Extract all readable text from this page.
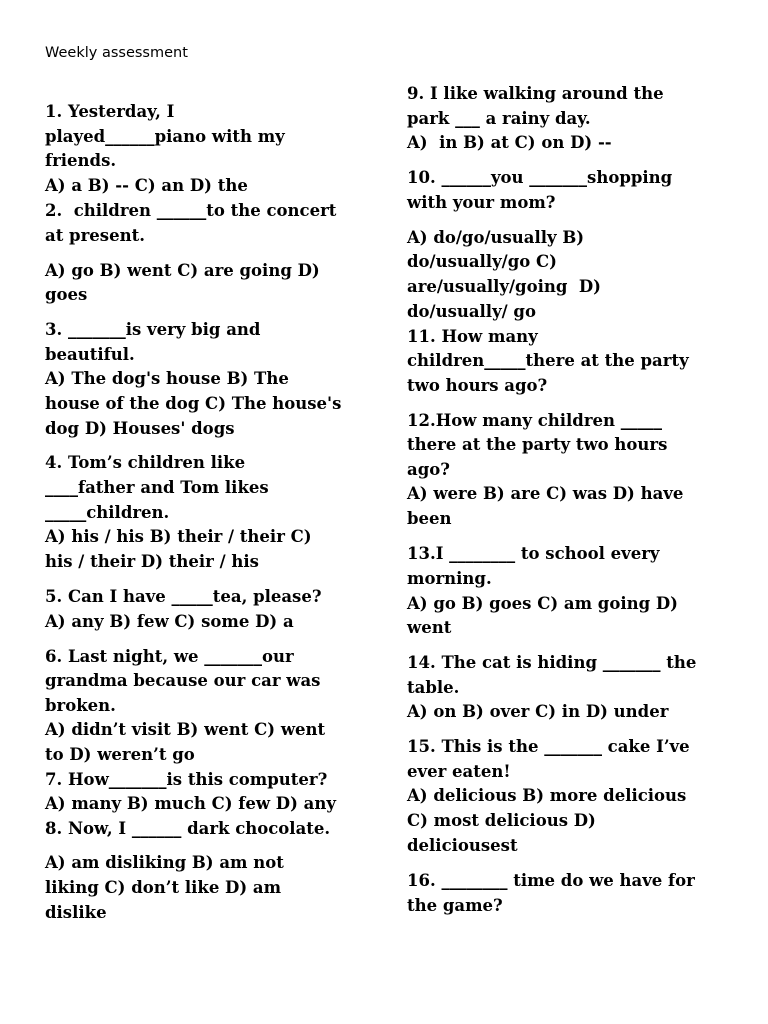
Weekly assessment

1. Yesterday, I

played______piano with my

friends.

A) a B) -- C) an D) the

2.  children ______to the concert

at present.

A) go B) went C) are going D)

goes

3. _______is very big and

beautiful.

A) The dog's house B) The

house of the dog C) The house's

dog D) Houses' dogs

4. Tom’s children like

____father and Tom likes

_____children.

A) his / his B) their / their C)

his / their D) their / his

5. Can I have _____tea, please?

A) any B) few C) some D) a

6. Last night, we _______our

grandma because our car was

broken.

A) didn’t visit B) went C) went

to D) weren’t go

7. How_______is this computer?

A) many B) much C) few D) any

8. Now, I ______ dark chocolate.

A) am disliking B) am not

liking C) don’t like D) am

dislike

9. I like walking around the

park ___ a rainy day.

A)  in B) at C) on D) --

10. ______you _______shopping

with your mom?

A) do/go/usually B)

do/usually/go C)

are/usually/going  D)

do/usually/ go

11. How many

children_____there at the party

two hours ago?

12.How many children _____

there at the party two hours

ago?

A) were B) are C) was D) have

been

13.I ________ to school every

morning.

A) go B) goes C) am going D)

went

14. The cat is hiding _______ the

table.

A) on B) over C) in D) under

15. This is the _______ cake I’ve

ever eaten!

A) delicious B) more delicious

C) most delicious D)

deliciousest

16. ________ time do we have for

the game?
